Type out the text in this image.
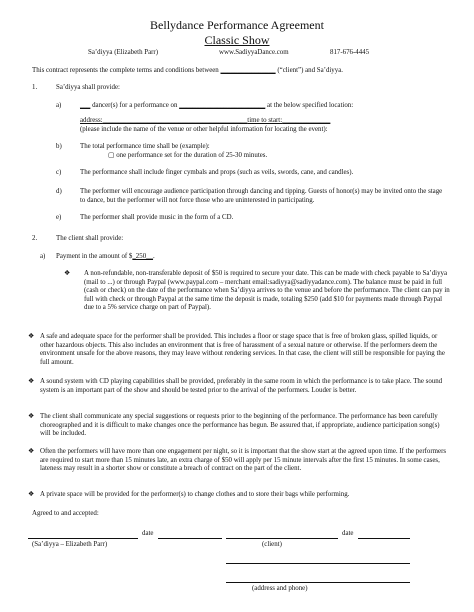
Bellydance Performance Agreement
Classic Show
Sa’diyya (Elizabeth Parr)	www.SadiyyaDance.com	817-676-4445
This contract represents the complete terms and conditions between ________________ (“client”) and Sa’diyya.
1.	Sa’diyya shall provide:
a)	___ dancer(s) for a performance on _________________________ at the below specified location:
address:__________________________________________time to start:______________
(please include the name of the venue or other helpful information for locating the event):
b)	The total performance time shall be (example):
▢ one performance set for the duration of 25-30 minutes.
c)	The performance shall include finger cymbals and props (such as veils, swords, cane, and candles).
d)	The performer will encourage audience participation through dancing and tipping. Guests of honor(s) may be invited onto the stage to dance, but the performer will not force those who are uninterested in participating.
e)	The performer shall provide music in the form of a CD.
2.	The client shall provide:
a) Payment in the amount of $_250__.
❖ A non-refundable, non-transferable deposit of $50 is required to secure your date. This can be made with check payable to Sa’diyya (mail to ...) or through Paypal (www.paypal.com – merchant email:sadiyya@sadiyyadance.com). The balance must be paid in full (cash or check) on the date of the performance when Sa’diyya arrives to the venue and before the performance. The client can pay in full with check or through Paypal at the same time the deposit is made, totaling $250 (add $10 for payments made through Paypal due to a 5% service charge on part of Paypal).
❖ A safe and adequate space for the performer shall be provided. This includes a floor or stage space that is free of broken glass, spilled liquids, or other hazardous objects. This also includes an environment that is free of harassment of a sexual nature or otherwise. If the performers deem the environment unsafe for the above reasons, they may leave without rendering services. In that case, the client will still be responsible for paying the full amount.
❖ A sound system with CD playing capabilities shall be provided, preferably in the same room in which the performance is to take place. The sound system is an important part of the show and should be tested prior to the arrival of the performers. Louder is better.
❖ The client shall communicate any special suggestions or requests prior to the beginning of the performance. The performance has been carefully choreographed and it is difficult to make changes once the performance has begun. Be assured that, if appropriate, audience participation song(s) will be included.
❖ Often the performers will have more than one engagement per night, so it is important that the show start at the agreed upon time. If the performers are required to start more than 15 minutes late, an extra charge of $50 will apply per 15 minute intervals after the first 15 minutes. In some cases, lateness may result in a shorter show or constitute a breach of contract on the part of the client.
❖ A private space will be provided for the performer(s) to change clothes and to store their bags while performing.
Agreed to and accepted:
date	date
(Sa’diyya – Elizabeth Parr)	(client)
(address and phone)
